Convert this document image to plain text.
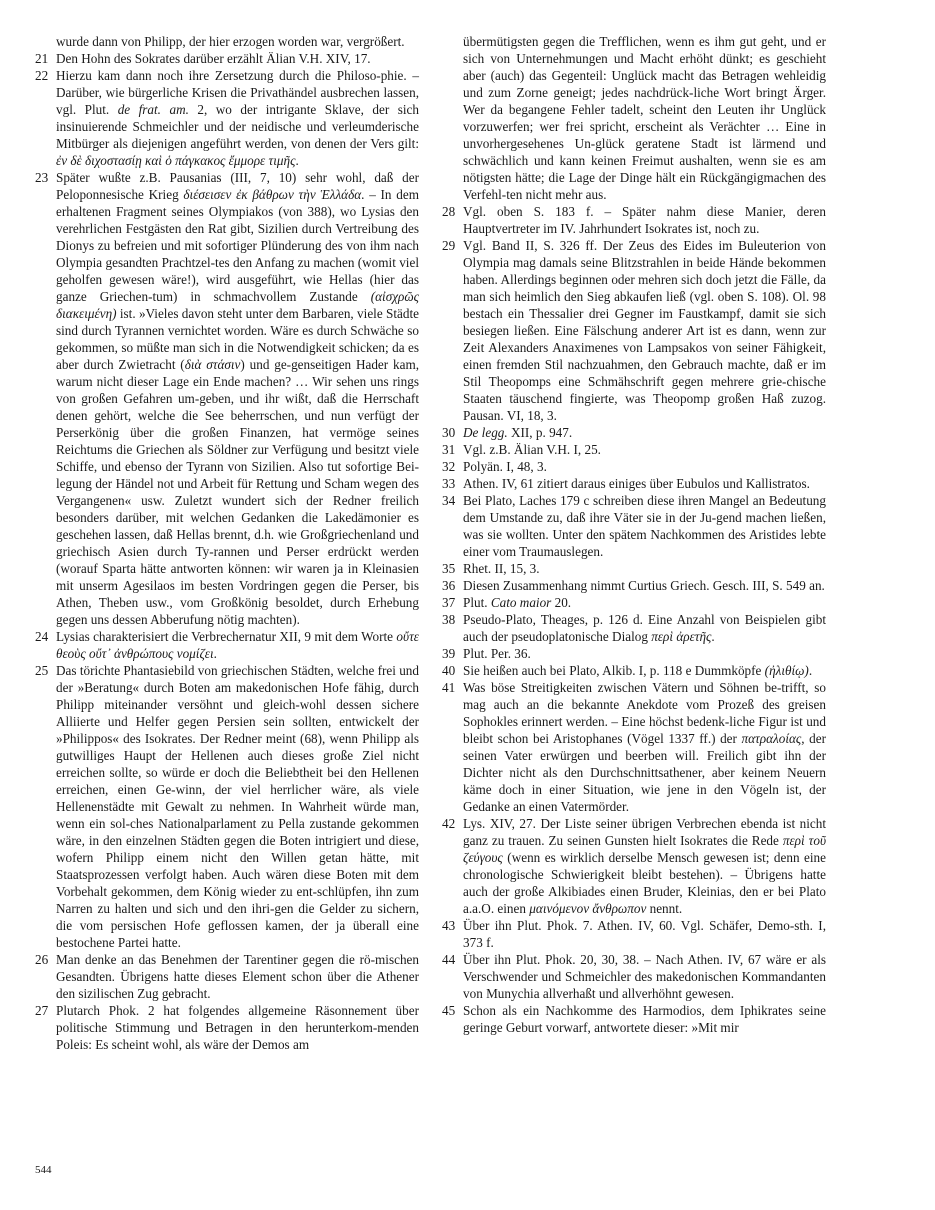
wurde dann von Philipp, der hier erzogen worden war, vergrößert.

21 Den Hohn des Sokrates darüber erzählt Älian V.H. XIV, 17.

22 Hierzu kam dann noch ihre Zersetzung durch die Philoso-phie. – Darüber, wie bürgerliche Krisen die Privathändel ausbrechen lassen, vgl. Plut. de frat. am. 2, wo der intrigante Sklave, der sich insinuierende Schmeichler und der neidische und verleumderische Mitbürger als diejenigen angeführt werden, von denen der Vers gilt: ἐν δὲ διχοστασίῃ καὶ ὁ πάγκακος ἔμμορε τιμῆς.

23 Später wußte z.B. Pausanias (III, 7, 10) sehr wohl, daß der Peloponnesische Krieg διέσεισεν ἐκ βάθρων τὴν Ἑλλάδα. – In dem erhaltenen Fragment seines Olympiakos (von 388), wo Lysias den verehrlichen Festgästen den Rat gibt, Sizilien durch Vertreibung des Dionys zu befreien und mit sofortiger Plünderung des von ihm nach Olympia gesandten Prachtzel-tes den Anfang zu machen (womit viel geholfen gewesen wäre!), wird ausgeführt, wie Hellas (hier das ganze Griechen-tum) in schmachvollem Zustande (αἰσχρῶς διακειμένη) ist. »Vieles davon steht unter dem Barbaren, viele Städte sind durch Tyrannen vernichtet worden. Wäre es durch Schwäche so gekommen, so müßte man sich in die Notwendigkeit schicken; da es aber durch Zwietracht (διὰ στάσιν) und ge-genseitigen Hader kam, warum nicht dieser Lage ein Ende machen? … Wir sehen uns rings von großen Gefahren um-geben, und ihr wißt, daß die Herrschaft denen gehört, welche die See beherrschen, und nun verfügt der Perserkönig über die großen Finanzen, hat vermöge seines Reichtums die Griechen als Söldner zur Verfügung und besitzt viele Schiffe, und ebenso der Tyrann von Sizilien. Also tut sofortige Bei-legung der Händel not und Arbeit für Rettung und Scham wegen des Vergangenen« usw. Zuletzt wundert sich der Redner freilich besonders darüber, mit welchen Gedanken die Lakedämonier es geschehen lassen, daß Hellas brennt, d.h. wie Großgriechenland und griechisch Asien durch Ty-rannen und Perser erdrückt werden (worauf Sparta hätte antworten können: wir waren ja in Kleinasien mit unserm Agesilaos im besten Vordringen gegen die Perser, bis Athen, Theben usw., vom Großkönig besoldet, durch Erhebung gegen uns dessen Abberufung nötig machten).

24 Lysias charakterisiert die Verbrechernatur XII, 9 mit dem Worte οὔτε θεοὺς οὔτ᾽ ἀνθρώπους νομίζει.

25 Das törichte Phantasiebild von griechischen Städten, welche frei und der »Beratung« durch Boten am makedonischen Hofe fähig, durch Philipp miteinander versöhnt und gleich-wohl dessen sichere Alliierte und Helfer gegen Persien sein sollten, entwickelt der »Philippos« des Isokrates. Der Redner meint (68), wenn Philipp als gutwilliges Haupt der Hellenen auch dieses große Ziel nicht erreichen sollte, so würde er doch die Beliebtheit bei den Hellenen erreichen, einen Ge-winn, der viel herrlicher wäre, als viele Hellenenstädte mit Gewalt zu nehmen. In Wahrheit würde man, wenn ein sol-ches Nationalparlament zu Pella zustande gekommen wäre, in den einzelnen Städten gegen die Boten intrigiert und diese, wofern Philipp einem nicht den Willen getan hätte, mit Staatsprozessen verfolgt haben. Auch wären diese Boten mit dem Vorbehalt gekommen, dem König wieder zu ent-schlüpfen, ihn zum Narren zu halten und sich und den ihri-gen die Gelder zu sichern, die vom persischen Hofe geflossen kamen, der ja überall eine bestochene Partei hatte.

26 Man denke an das Benehmen der Tarentiner gegen die rö-mischen Gesandten. Übrigens hatte dieses Element schon über die Athener den sizilischen Zug gebracht.

27 Plutarch Phok. 2 hat folgendes allgemeine Räsonnement über politische Stimmung und Betragen in den herunterkom-menden Poleis: Es scheint wohl, als wäre der Demos am

übermütigsten gegen die Trefflichen, wenn es ihm gut geht, und er sich von Unternehmungen und Macht erhöht dünkt; es geschieht aber (auch) das Gegenteil: Unglück macht das Betragen wehleidig und zum Zorne geneigt; jedes nachdrück-liche Wort bringt Ärger. Wer da begangene Fehler tadelt, scheint den Leuten ihr Unglück vorzuwerfen; wer frei spricht, erscheint als Verächter … Eine in unvorhergesehenes Un-glück geratene Stadt ist lärmend und schwächlich und kann keinen Freimut aushalten, wenn sie es am nötigsten hätte; die Lage der Dinge hält ein Rückgängigmachen des Verfehl-ten nicht mehr aus.

28 Vgl. oben S. 183 f. – Später nahm diese Manier, deren Hauptvertreter im IV. Jahrhundert Isokrates ist, noch zu.

29 Vgl. Band II, S. 326 ff. Der Zeus des Eides im Buleuterion von Olympia mag damals seine Blitzstrahlen in beide Hände bekommen haben. Allerdings beginnen oder mehren sich doch jetzt die Fälle, da man sich heimlich den Sieg abkaufen ließ (vgl. oben S. 108). Ol. 98 bestach ein Thessalier drei Gegner im Faustkampf, damit sie sich besiegen ließen. Eine Fälschung anderer Art ist es dann, wenn zur Zeit Alexanders Anaximenes von Lampsakos von seiner Fähigkeit, einen fremden Stil nachzuahmen, den Gebrauch machte, daß er im Stil Theopomps eine Schmähschrift gegen mehrere grie-chische Staaten täuschend fingierte, was Theopomp großen Haß zuzog. Pausan. VI, 18, 3.

30 De legg. XII, p. 947.

31 Vgl. z.B. Älian V.H. I, 25.

32 Polyän. I, 48, 3.

33 Athen. IV, 61 zitiert daraus einiges über Eubulos und Kallistratos.

34 Bei Plato, Laches 179 c schreiben diese ihren Mangel an Bedeutung dem Umstande zu, daß ihre Väter sie in der Ju-gend machen ließen, was sie wollten. Unter den spätem Nachkommen des Aristides lebte einer vom Traumauslegen.

35 Rhet. II, 15, 3.

36 Diesen Zusammenhang nimmt Curtius Griech. Gesch. III, S. 549 an.

37 Plut. Cato maior 20.

38 Pseudo-Plato, Theages, p. 126 d. Eine Anzahl von Beispielen gibt auch der pseudoplatonische Dialog περὶ ἀρετῆς.

39 Plut. Per. 36.

40 Sie heißen auch bei Plato, Alkib. I, p. 118 e Dummköpfe (ἠλιθίῳ).

41 Was böse Streitigkeiten zwischen Vätern und Söhnen be-trifft, so mag auch an die bekannte Anekdote vom Prozeß des greisen Sophokles erinnert werden. – Eine höchst bedenk-liche Figur ist und bleibt schon bei Aristophanes (Vögel 1337 ff.) der πατραλοίας, der seinen Vater erwürgen und beerben will. Freilich gibt ihn der Dichter nicht als den Durchschnittsathener, aber keinem Neuern käme doch in einer Situation, wie jene in den Vögeln ist, der Gedanke an einen Vatermörder.

42 Lys. XIV, 27. Der Liste seiner übrigen Verbrechen ebenda ist nicht ganz zu trauen. Zu seinen Gunsten hielt Isokrates die Rede περὶ τοῦ ζεύγους (wenn es wirklich derselbe Mensch gewesen ist; denn eine chronologische Schwierigkeit bleibt bestehen). – Übrigens hatte auch der große Alkibiades einen Bruder, Kleinias, den er bei Plato a.a.O. einen μαινόμενον ἄνθρωπον nennt.

43 Über ihn Plut. Phok. 7. Athen. IV, 60. Vgl. Schäfer, Demo-sth. I, 373 f.

44 Über ihn Plut. Phok. 20, 30, 38. – Nach Athen. IV, 67 wäre er als Verschwender und Schmeichler des makedonischen Kommandanten von Munychia allverhaßt und allverhöhnt gewesen.

45 Schon als ein Nachkomme des Harmodios, dem Iphikrates seine geringe Geburt vorwarf, antwortete dieser: »Mit mir

544
